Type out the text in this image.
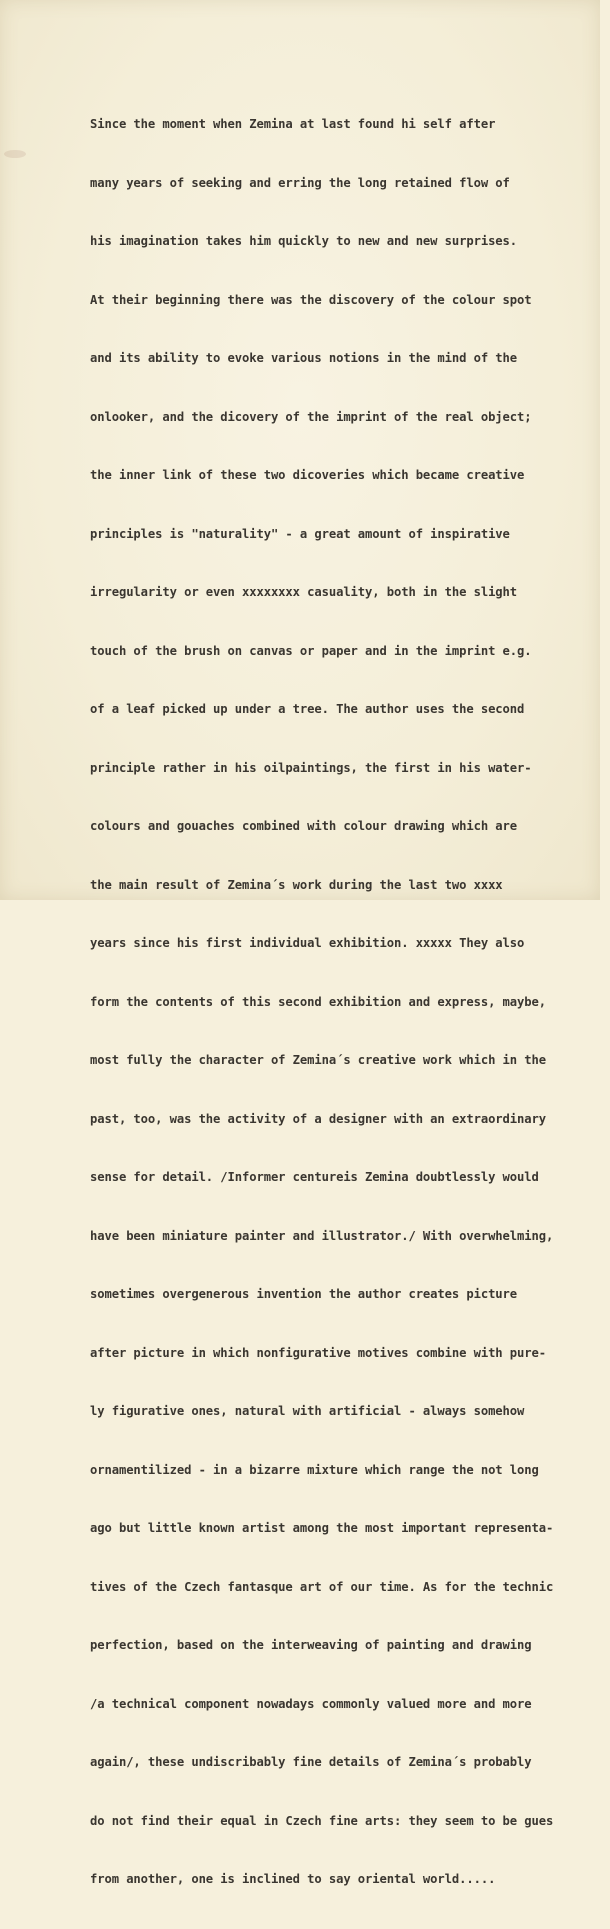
Since the moment when Zemina at last found hi self after

many years of seeking and erring the long retained flow of

his imagination takes him quickly to new and new surprises.

At their beginning there was the discovery of the colour spot

and its ability to evoke various notions in the mind of the

onlooker, and the dicovery of the imprint of the real object;

the inner link of these two dicoveries which became creative

principles is "naturality" - a great amount of inspirative

irregularity or even xxxxxxxx casuality, both in the slight

touch of the brush on canvas or paper and in the imprint e.g.

of a leaf picked up under a tree. The author uses the second

principle rather in his oilpaintings, the first in his water-

colours and gouaches combined with colour drawing which are

the main result of Zemina´s work during the last two xxxx

years since his first individual exhibition. xxxxx They also

form the contents of this second exhibition and express, maybe,

most fully the character of Zemina´s creative work which in the

past, too, was the activity of a designer with an extraordinary

sense for detail. /Informer centureis Zemina doubtlessly would

have been miniature painter and illustrator./ With overwhelming,

sometimes overgenerous invention the author creates picture

after picture in which nonfigurative motives combine with pure-

ly figurative ones, natural with artificial - always somehow

ornamentilized - in a bizarre mixture which range the not long

ago but little known artist among the most important representa-

tives of the Czech fantasque art of our time. As for the technic

perfection, based on the interweaving of painting and drawing

/a technical component nowadays commonly valued more and more

again/, these undiscribably fine details of Zemina´s probably

do not find their equal in Czech fine arts: they seem to be gues

from another, one is inclined to say oriental world.....
